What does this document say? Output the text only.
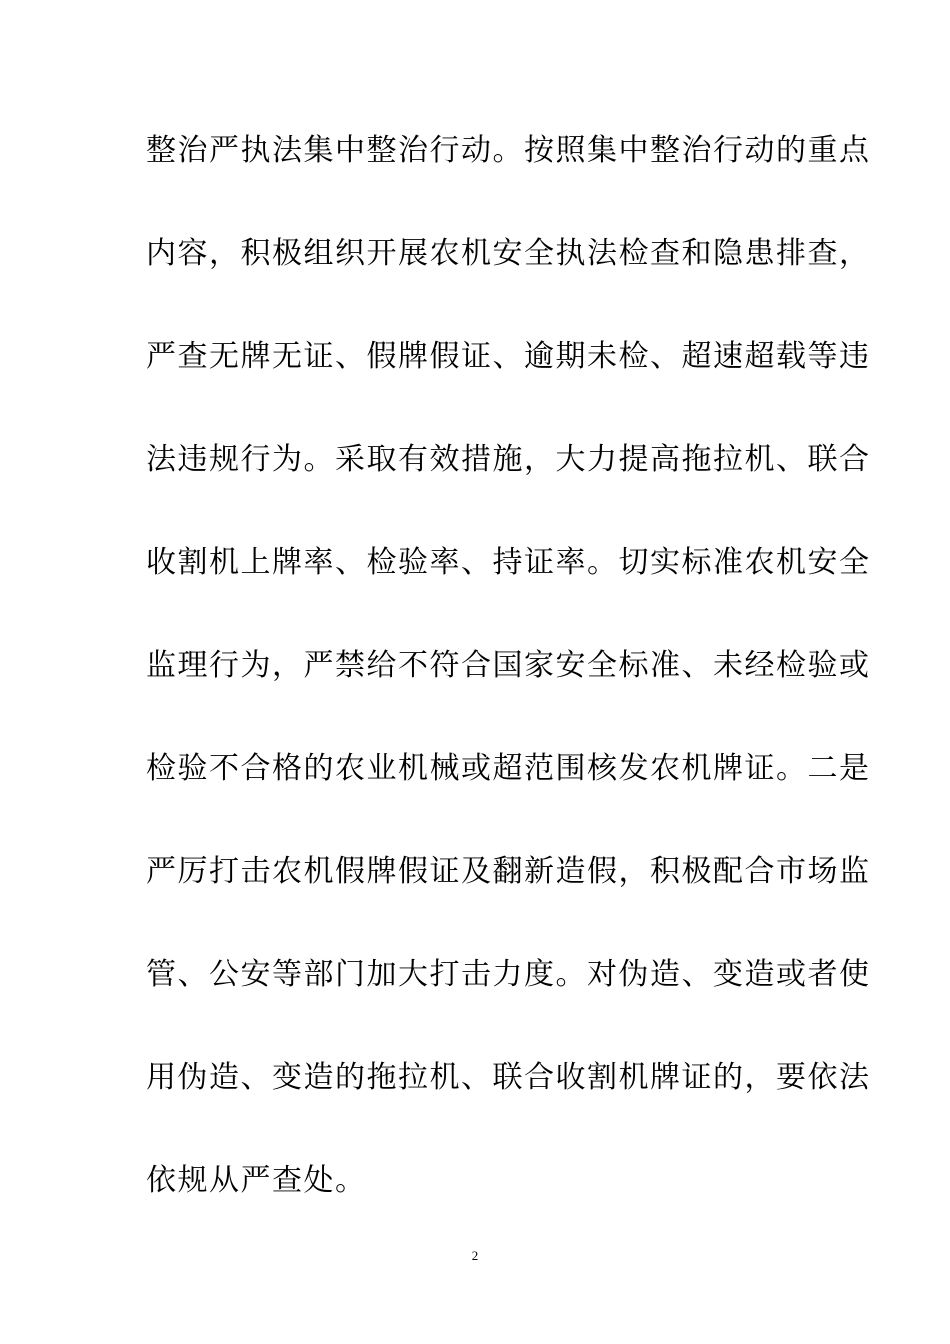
整治严执法集中整治行动。按照集中整治行动的重点
内容，积极组织开展农机安全执法检查和隐患排查，
严查无牌无证、假牌假证、逾期未检、超速超载等违
法违规行为。采取有效措施，大力提高拖拉机、联合
收割机上牌率、检验率、持证率。切实标准农机安全
监理行为，严禁给不符合国家安全标准、未经检验或
检验不合格的农业机械或超范围核发农机牌证。二是
严厉打击农机假牌假证及翻新造假，积极配合市场监
管、公安等部门加大打击力度。对伪造、变造或者使
用伪造、变造的拖拉机、联合收割机牌证的，要依法
依规从严查处。
2
